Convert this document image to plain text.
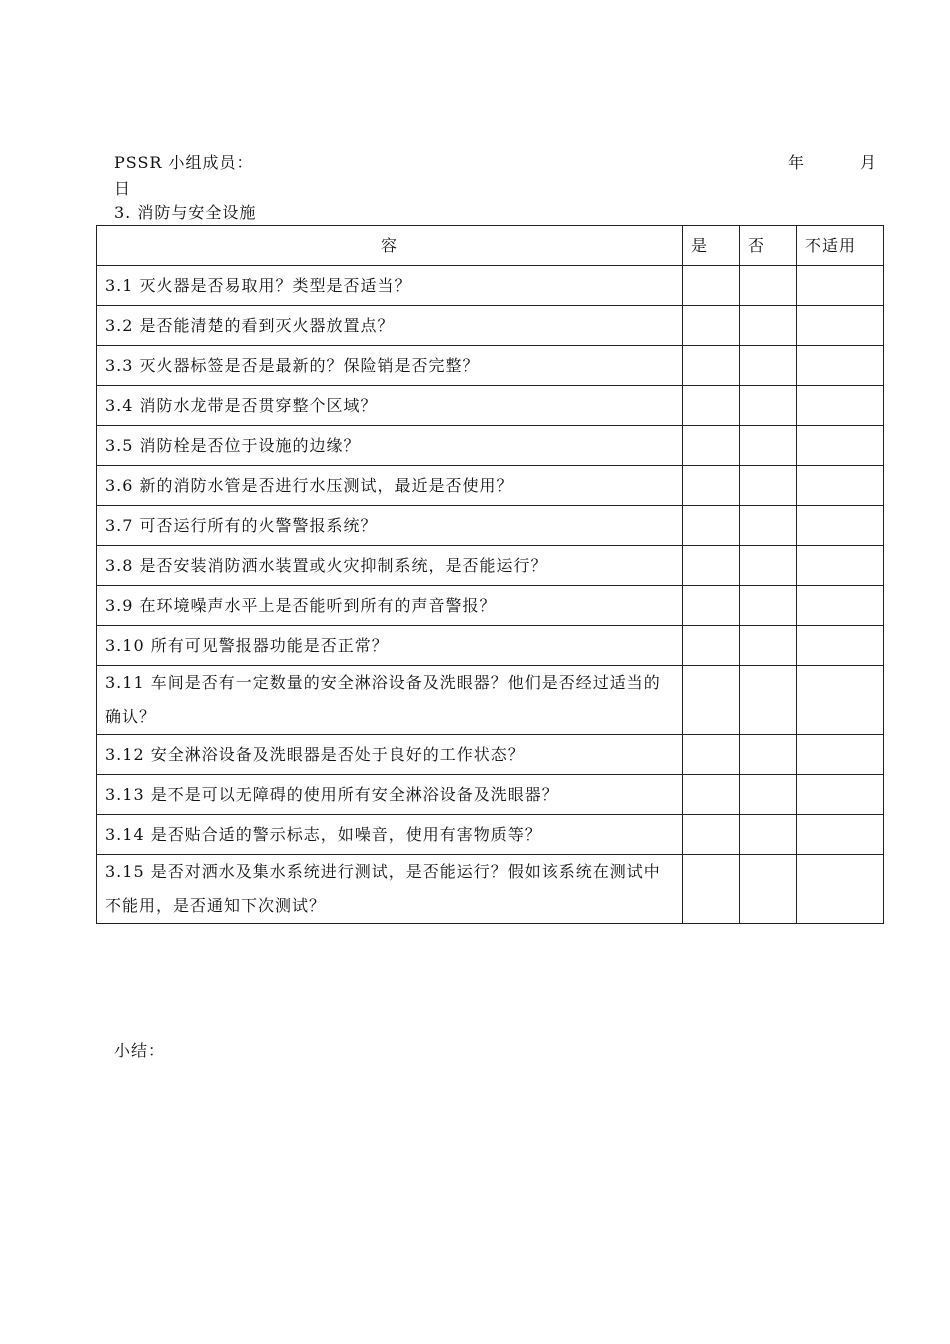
PSSR 小组成员：	年	月
日
3. 消防与安全设施
容	是	否	不适用
3.1 灭火器是否易取用？类型是否适当？			
3.2 是否能清楚的看到灭火器放置点？			
3.3 灭火器标签是否是最新的？保险销是否完整？			
3.4 消防水龙带是否贯穿整个区域？			
3.5 消防栓是否位于设施的边缘？			
3.6 新的消防水管是否进行水压测试，最近是否使用？			
3.7 可否运行所有的火警警报系统？			
3.8 是否安装消防洒水装置或火灾抑制系统，是否能运行？			
3.9 在环境噪声水平上是否能听到所有的声音警报？			
3.10 所有可见警报器功能是否正常？			
3.11 车间是否有一定数量的安全淋浴设备及洗眼器？他们是否经过适当的确认？			
3.12 安全淋浴设备及洗眼器是否处于良好的工作状态？			
3.13 是不是可以无障碍的使用所有安全淋浴设备及洗眼器？			
3.14 是否贴合适的警示标志，如噪音，使用有害物质等？			
3.15 是否对洒水及集水系统进行测试，是否能运行？假如该系统在测试中不能用，是否通知下次测试？			
小结：
